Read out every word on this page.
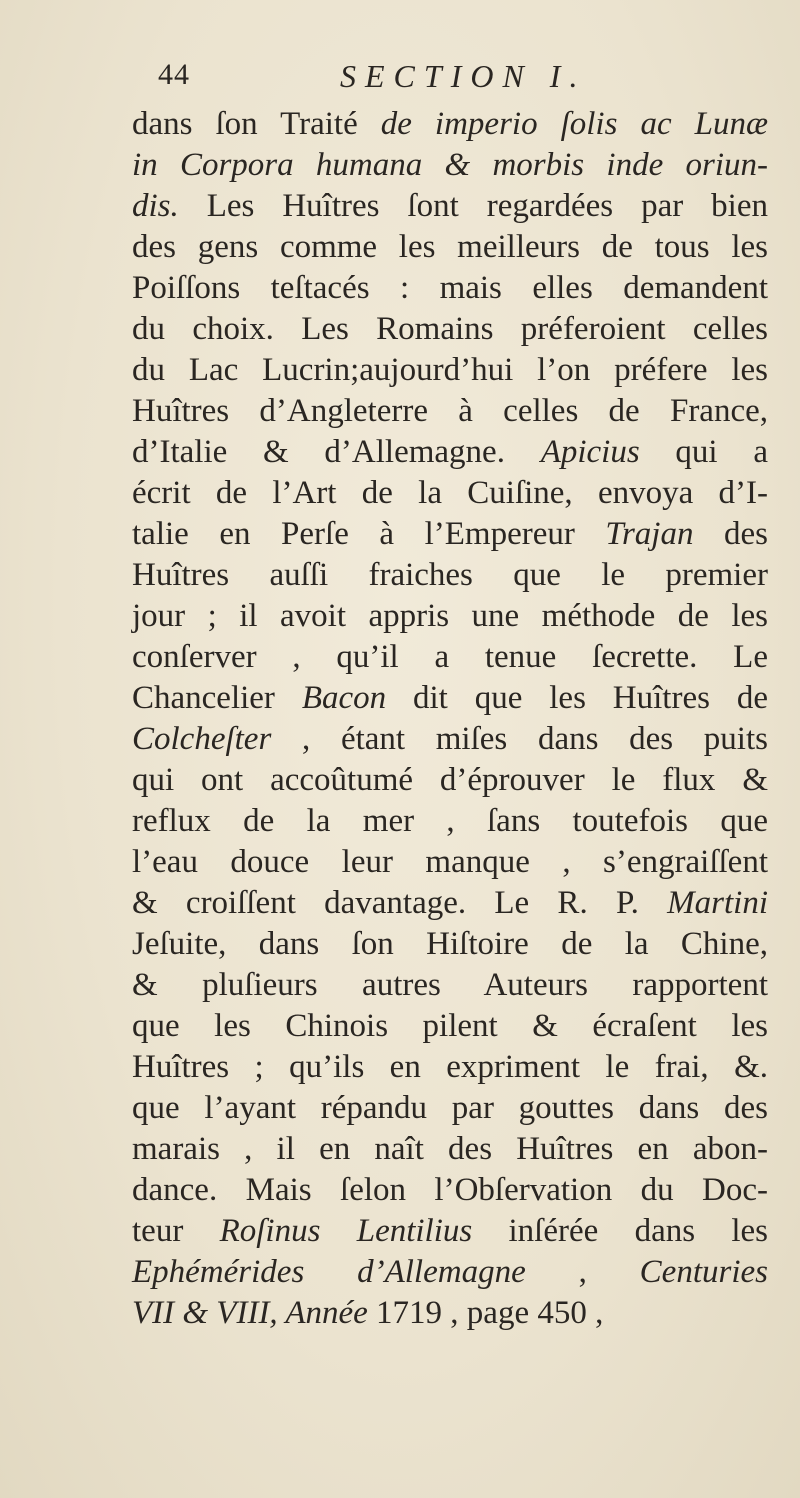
44	SECTION I.
dans ſon Traité de imperio ſolis ac Lunæ
in Corpora humana & morbis inde oriun-
dis. Les Huîtres ſont regardées par bien
des gens comme les meilleurs de tous les
Poiſſons teſtacés : mais elles demandent
du choix. Les Romains préferoient celles
du Lac Lucrin;aujourd’hui l’on préfere les
Huîtres d’Angleterre à celles de France,
d’Italie & d’Allemagne. Apicius qui a
écrit de l’Art de la Cuiſine, envoya d’I-
talie en Perſe à l’Empereur Trajan des
Huîtres auſſi fraiches que le premier
jour ; il avoit appris une méthode de les
conſerver , qu’il a tenue ſecrette. Le
Chancelier Bacon dit que les Huîtres de
Colcheſter , étant miſes dans des puits
qui ont accoûtumé d’éprouver le flux &
reflux de la mer , ſans toutefois que
l’eau douce leur manque , s’engraiſſent
& croiſſent davantage. Le R. P. Martini
Jeſuite, dans ſon Hiſtoire de la Chine,
& pluſieurs autres Auteurs rapportent
que les Chinois pilent & écraſent les
Huîtres ; qu’ils en expriment le frai, &.
que l’ayant répandu par gouttes dans des
marais , il en naît des Huîtres en abon-
dance. Mais ſelon l’Obſervation du Doc-
teur Roſinus Lentilius inſérée dans les
Ephémérides d’Allemagne , Centuries
VII & VIII, Année 1719 , page 450 ,
